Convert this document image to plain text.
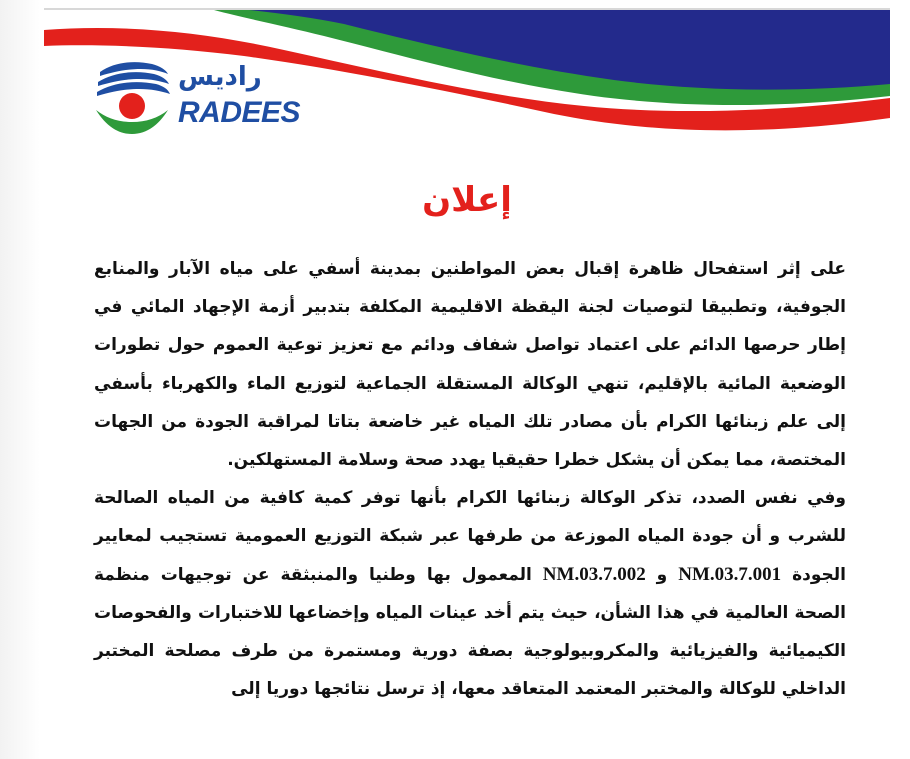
راديس
RADEES
إعلان

على إثر استفحال ظاهرة إقبال بعض المواطنين بمدينة أسفي على مياه الآبار والمنابع الجوفية، وتطبيقا لتوصيات لجنة اليقظة الاقليمية المكلفة بتدبير أزمة الإجهاد المائي في إطار حرصها الدائم على اعتماد تواصل شفاف ودائم مع تعزيز توعية العموم حول تطورات الوضعية المائية بالإقليم، تنهي الوكالة المستقلة الجماعية لتوزيع الماء والكهرباء بأسفي إلى علم زبنائها الكرام بأن مصادر تلك المياه غير خاضعة بتاتا لمراقبة الجودة من الجهات المختصة، مما يمكن أن يشكل خطرا حقيقيا يهدد صحة وسلامة المستهلكين.

وفي نفس الصدد، تذكر الوكالة زبنائها الكرام بأنها توفر كمية كافية من المياه الصالحة للشرب و أن جودة المياه الموزعة من طرفها عبر شبكة التوزيع العمومية تستجيب لمعايير الجودة NM.03.7.001 و NM.03.7.002 المعمول بها وطنيا والمنبثقة عن توجيهات منظمة الصحة العالمية في هذا الشأن، حيث يتم أخد عينات المياه وإخضاعها للاختبارات والفحوصات الكيميائية والفيزيائية والمكروبيولوجية بصفة دورية ومستمرة من طرف مصلحة المختبر الداخلي للوكالة والمختبر المعتمد المتعاقد معها، إذ ترسل نتائجها دوريا إلى
